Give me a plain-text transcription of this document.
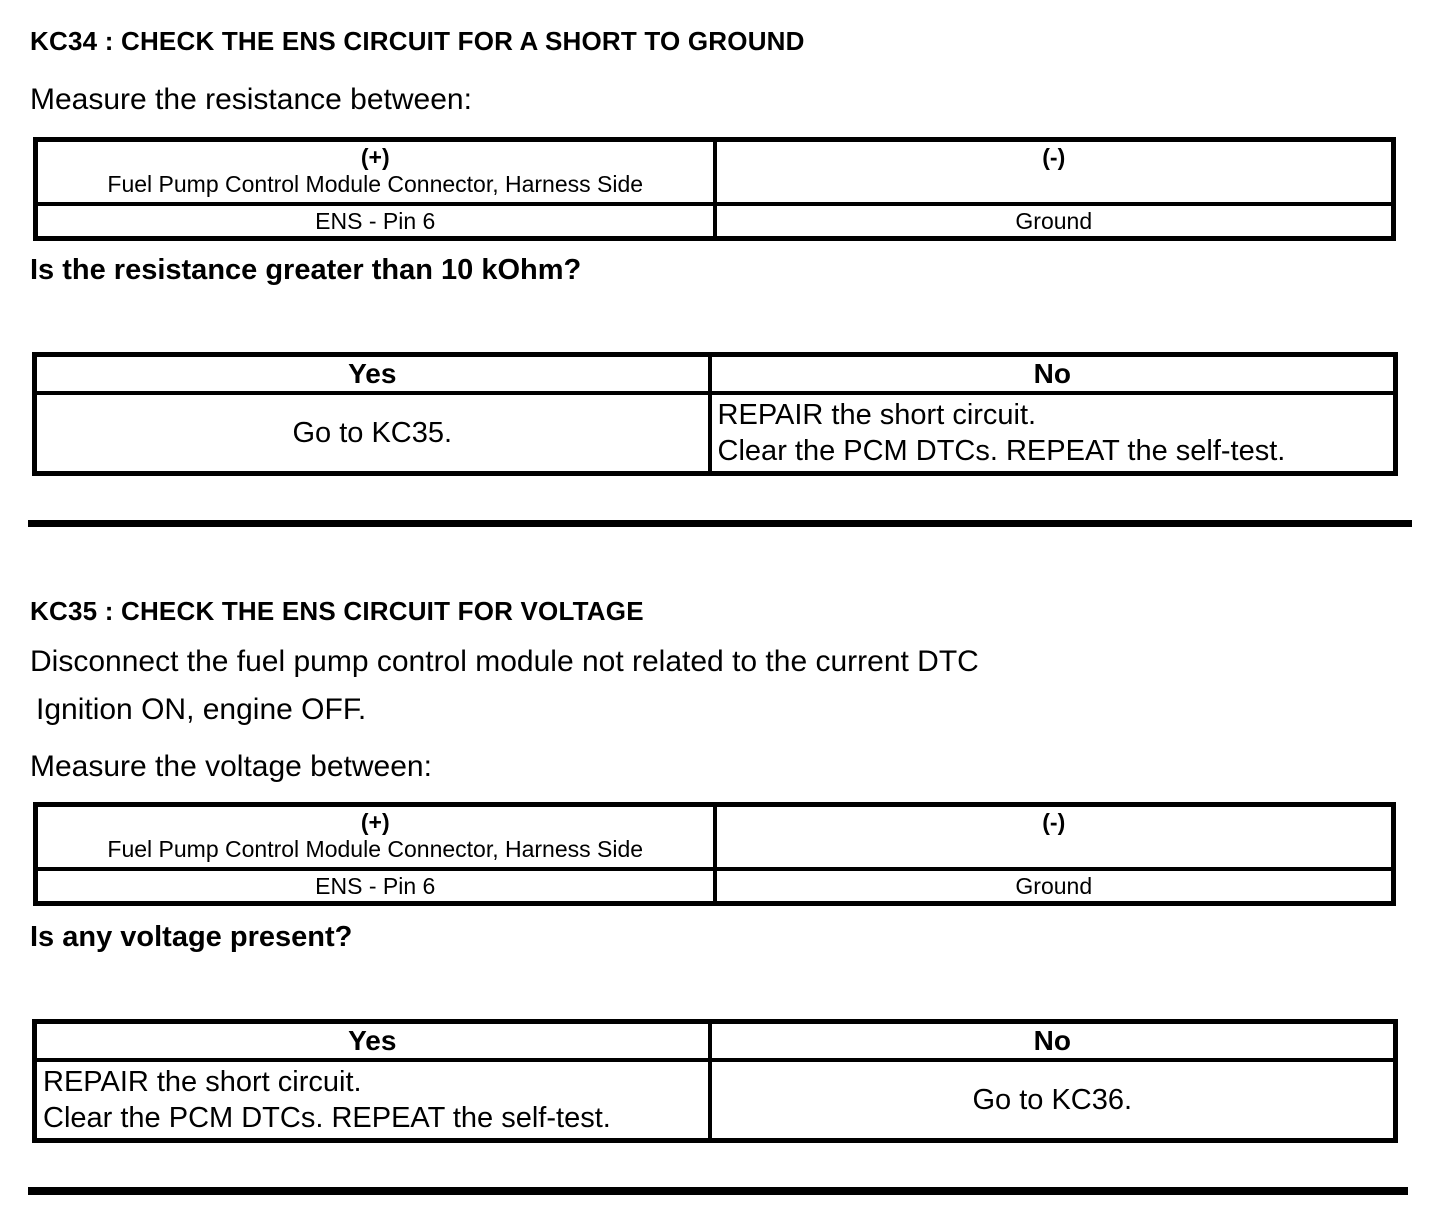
KC34 : CHECK THE ENS CIRCUIT FOR A SHORT TO GROUND
Measure the resistance between:
(+)
Fuel Pump Control Module Connector, Harness Side	(-)

ENS - Pin 6	Ground
Is the resistance greater than 10 kOhm?
Yes	No

Go to KC35.	REPAIR the short circuit.
Clear the PCM DTCs. REPEAT the self-test.
KC35 : CHECK THE ENS CIRCUIT FOR VOLTAGE
Disconnect the fuel pump control module not related to the current DTC
Ignition ON, engine OFF.
Measure the voltage between:
(+)
Fuel Pump Control Module Connector, Harness Side	(-)

ENS - Pin 6	Ground
Is any voltage present?
Yes	No

REPAIR the short circuit.
Clear the PCM DTCs. REPEAT the self-test.	Go to KC36.
